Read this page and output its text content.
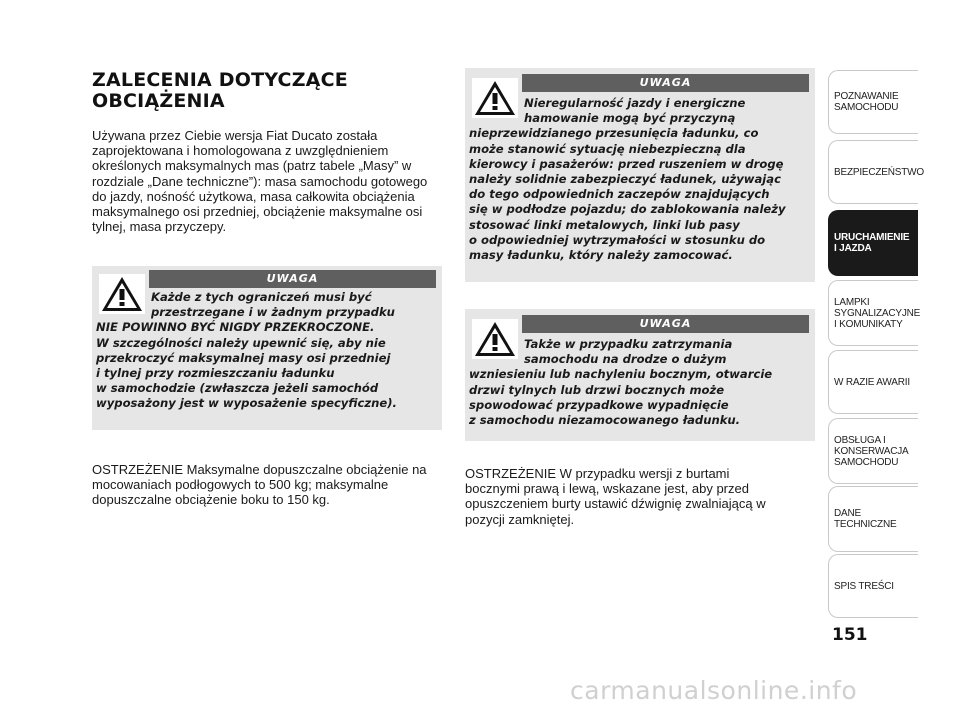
ZALECENIA DOTYCZĄCE OBCIĄŻENIA

Używana przez Ciebie wersja Fiat Ducato została zaprojektowana i homologowana z uwzględnieniem określonych maksymalnych mas (patrz tabele „Masy” w rozdziale „Dane techniczne”): masa samochodu gotowego do jazdy, nośność użytkowa, masa całkowita obciążenia maksymalnego osi przedniej, obciążenie maksymalne osi tylnej, masa przyczepy.

UWAGA

Każde z tych ograniczeń musi być

przestrzegane i w żadnym przypadku

NIE POWINNO BYĆ NIGDY PRZEKROCZONE.

W szczególności należy upewnić się, aby nie

przekroczyć maksymalnej masy osi przedniej

i tylnej przy rozmieszczaniu ładunku

w samochodzie (zwłaszcza jeżeli samochód

wyposażony jest w wyposażenie specyficzne).

OSTRZEŻENIE Maksymalne dopuszczalne obciążenie na mocowaniach podłogowych to 500 kg; maksymalne dopuszczalne obciążenie boku to 150 kg.

UWAGA

Nieregularność jazdy i energiczne

hamowanie mogą być przyczyną

nieprzewidzianego przesunięcia ładunku, co

może stanowić sytuację niebezpieczną dla

kierowcy i pasażerów: przed ruszeniem w drogę

należy solidnie zabezpieczyć ładunek, używając

do tego odpowiednich zaczepów znajdujących

się w podłodze pojazdu; do zablokowania należy

stosować linki metalowych, linki lub pasy

o odpowiedniej wytrzymałości w stosunku do

masy ładunku, który należy zamocować.

UWAGA

Także w przypadku zatrzymania

samochodu na drodze o dużym

wzniesieniu lub nachyleniu bocznym, otwarcie

drzwi tylnych lub drzwi bocznych może

spowodować przypadkowe wypadnięcie

z samochodu niezamocowanego ładunku.

OSTRZEŻENIE W przypadku wersji z burtami bocznymi prawą i lewą, wskazane jest, aby przed opuszczeniem burty ustawić dźwignię zwalniającą w pozycji zamkniętej.

POZNAWANIE
SAMOCHODU
BEZPIECZEŃSTWO
URUCHAMIENIE
I JAZDA
LAMPKI
SYGNALIZACYJNE
I KOMUNIKATY
W RAZIE AWARII
OBSŁUGA I
KONSERWACJA
SAMOCHODU
DANE TECHNICZNE
SPIS TREŚCI
151
carmanualsonline.info
